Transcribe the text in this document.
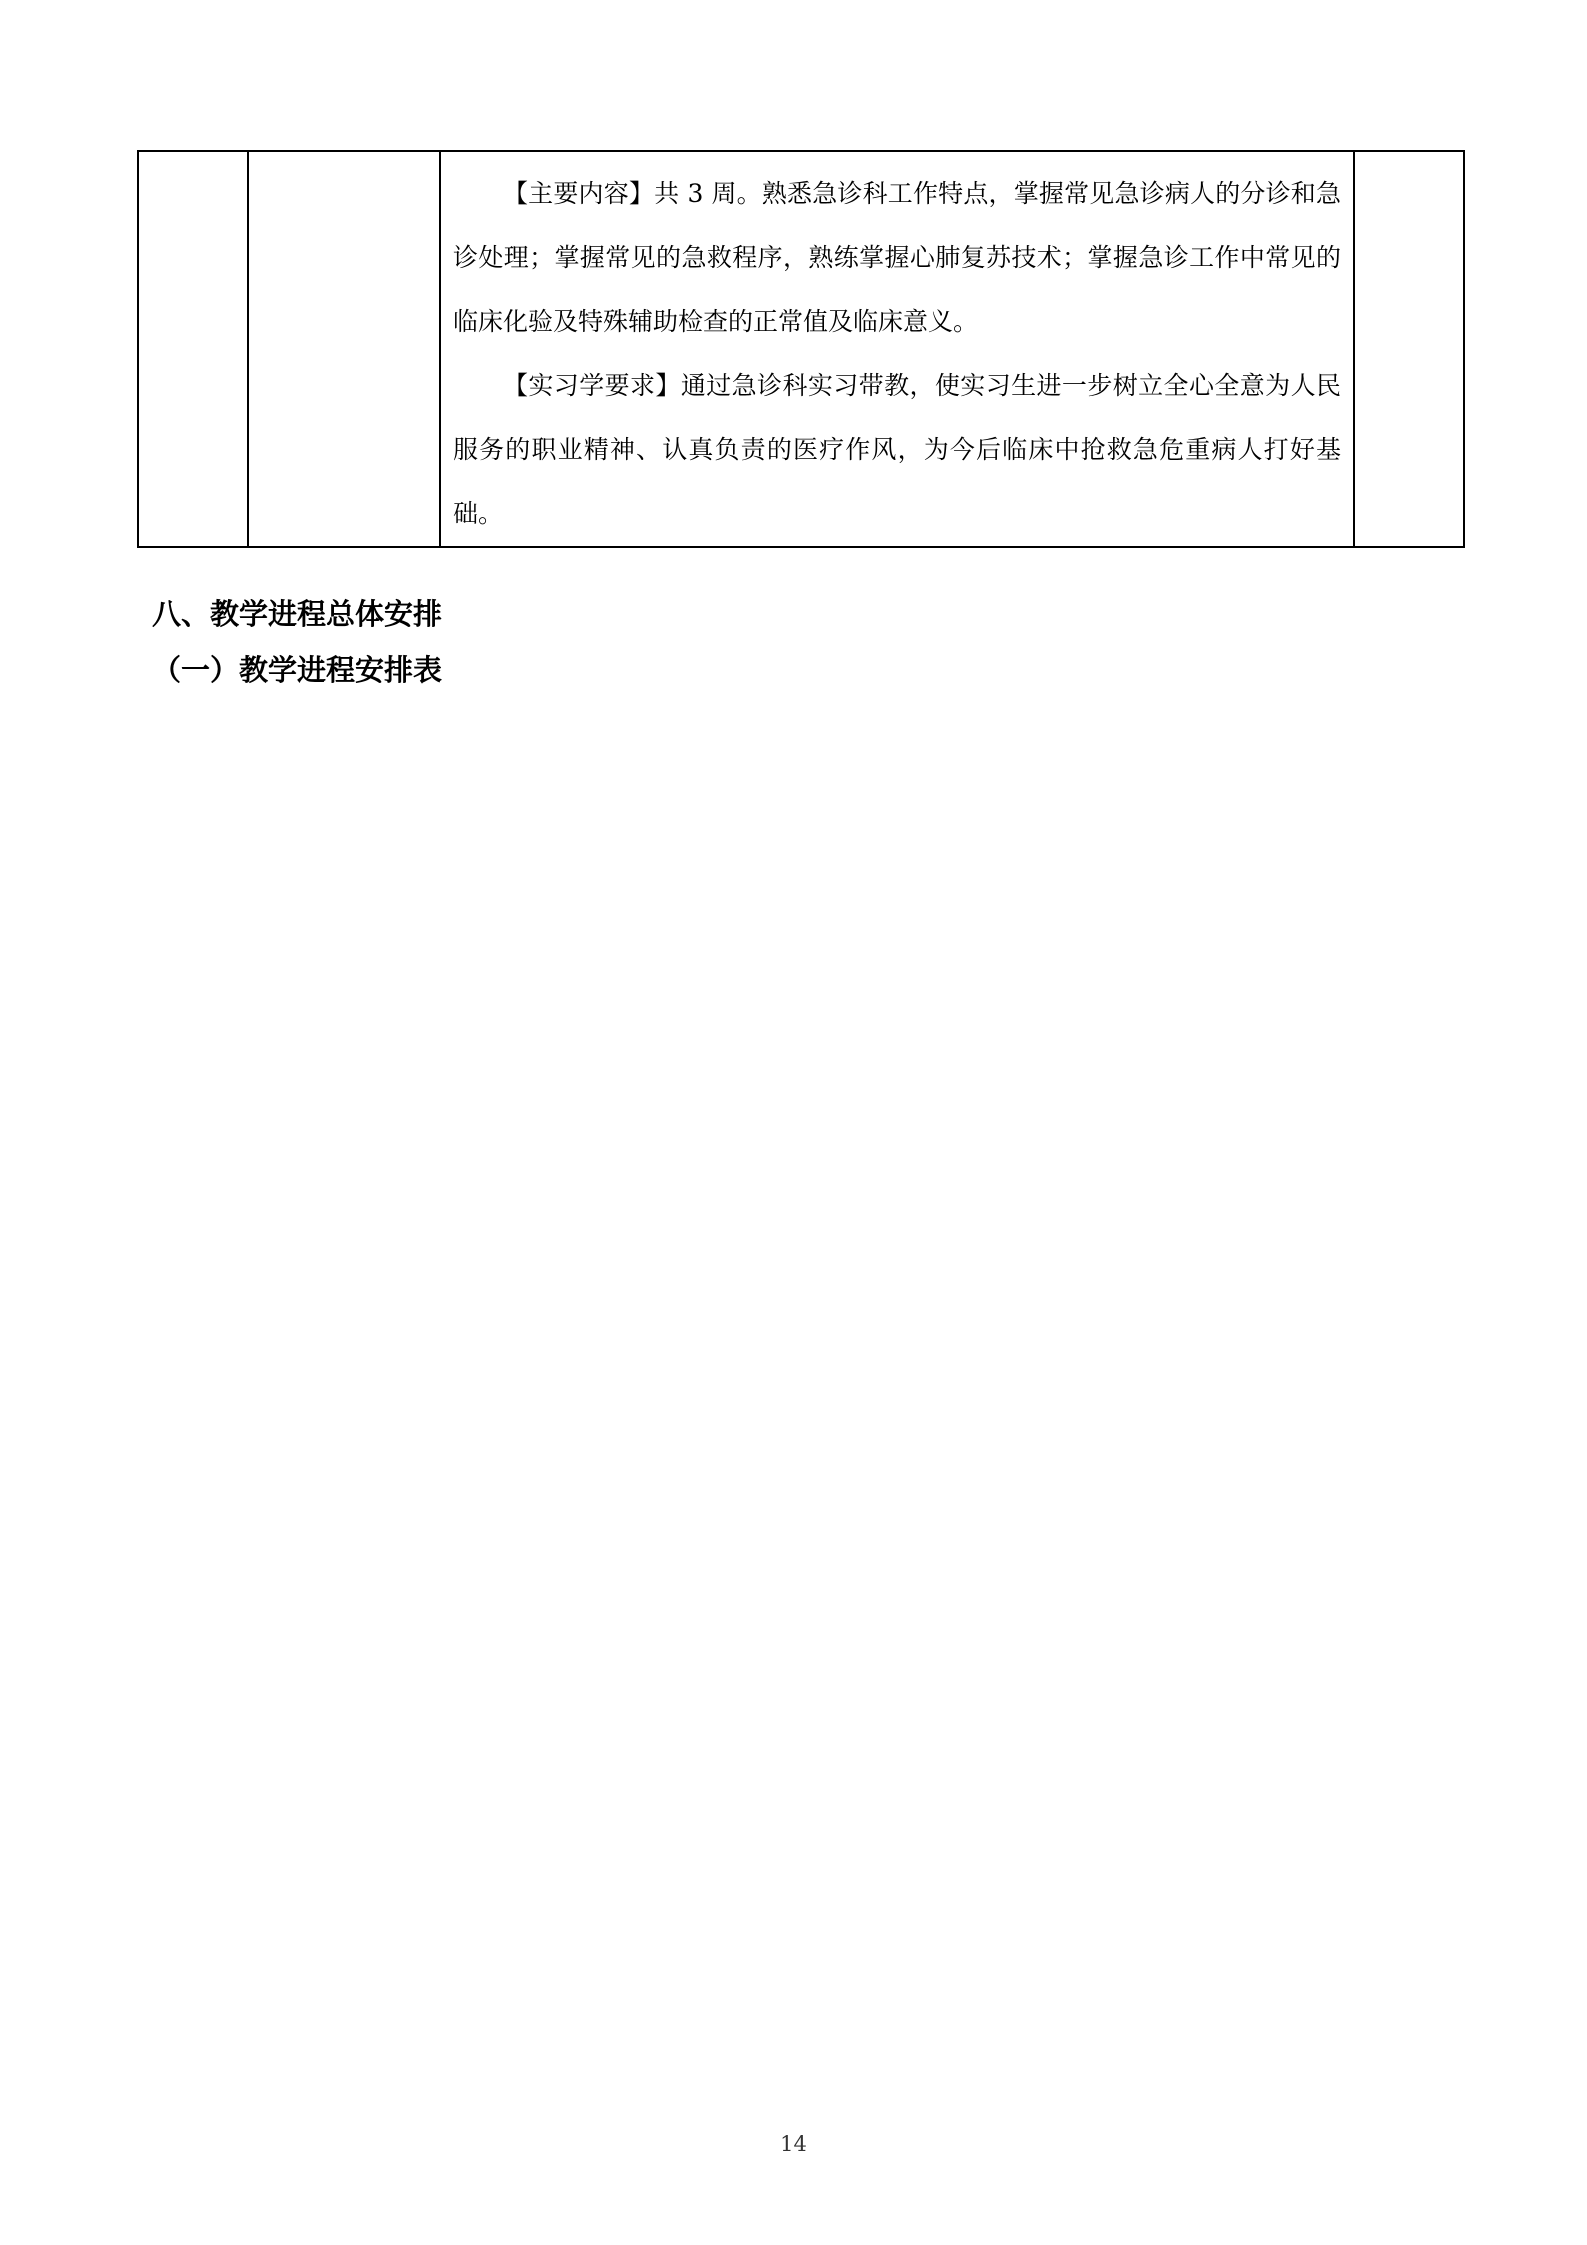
【主要内容】共 3 周。熟悉急诊科工作特点，掌握常见急诊病人的分诊和急诊处理；掌握常见的急救程序，熟练掌握心肺复苏技术；掌握急诊工作中常见的临床化验及特殊辅助检查的正常值及临床意义。

【实习学要求】通过急诊科实习带教，使实习生进一步树立全心全意为人民服务的职业精神、认真负责的医疗作风，为今后临床中抢救急危重病人打好基础。

八、教学进程总体安排
（一）教学进程安排表
14
